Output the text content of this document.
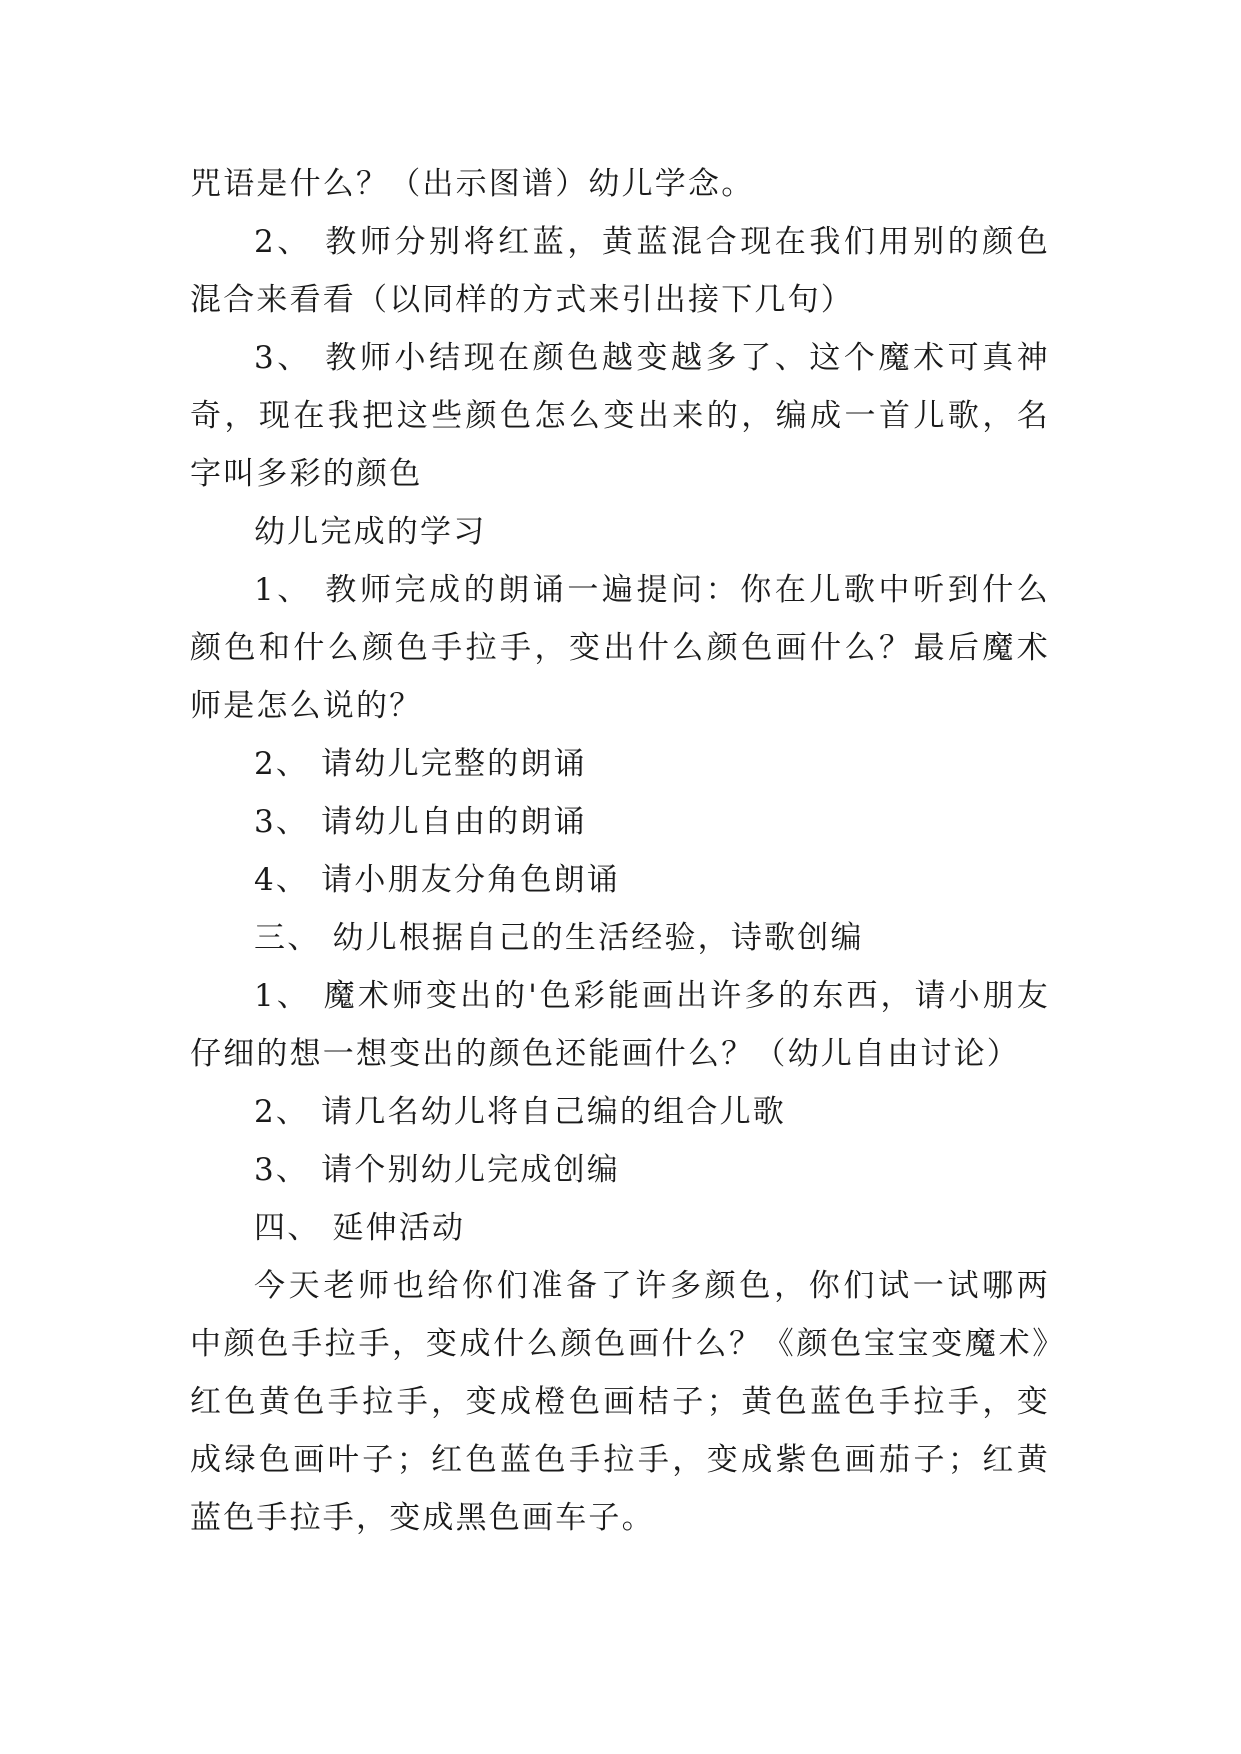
咒语是什么？（出示图谱）幼儿学念。

2、 教师分别将红蓝，黄蓝混合现在我们用别的颜色混合来看看（以同样的方式来引出接下几句）

3、 教师小结现在颜色越变越多了、这个魔术可真神奇，现在我把这些颜色怎么变出来的，编成一首儿歌，名字叫多彩的颜色

幼儿完成的学习

1、 教师完成的朗诵一遍提问：你在儿歌中听到什么颜色和什么颜色手拉手，变出什么颜色画什么？最后魔术师是怎么说的？

2、 请幼儿完整的朗诵

3、 请幼儿自由的朗诵

4、 请小朋友分角色朗诵

三、 幼儿根据自己的生活经验，诗歌创编

1、 魔术师变出的'色彩能画出许多的东西，请小朋友仔细的想一想变出的颜色还能画什么？（幼儿自由讨论）

2、 请几名幼儿将自己编的组合儿歌

3、 请个别幼儿完成创编

四、 延伸活动

今天老师也给你们准备了许多颜色，你们试一试哪两中颜色手拉手，变成什么颜色画什么？《颜色宝宝变魔术》红色黄色手拉手，变成橙色画桔子；黄色蓝色手拉手，变成绿色画叶子；红色蓝色手拉手，变成紫色画茄子；红黄蓝色手拉手，变成黑色画车子。
